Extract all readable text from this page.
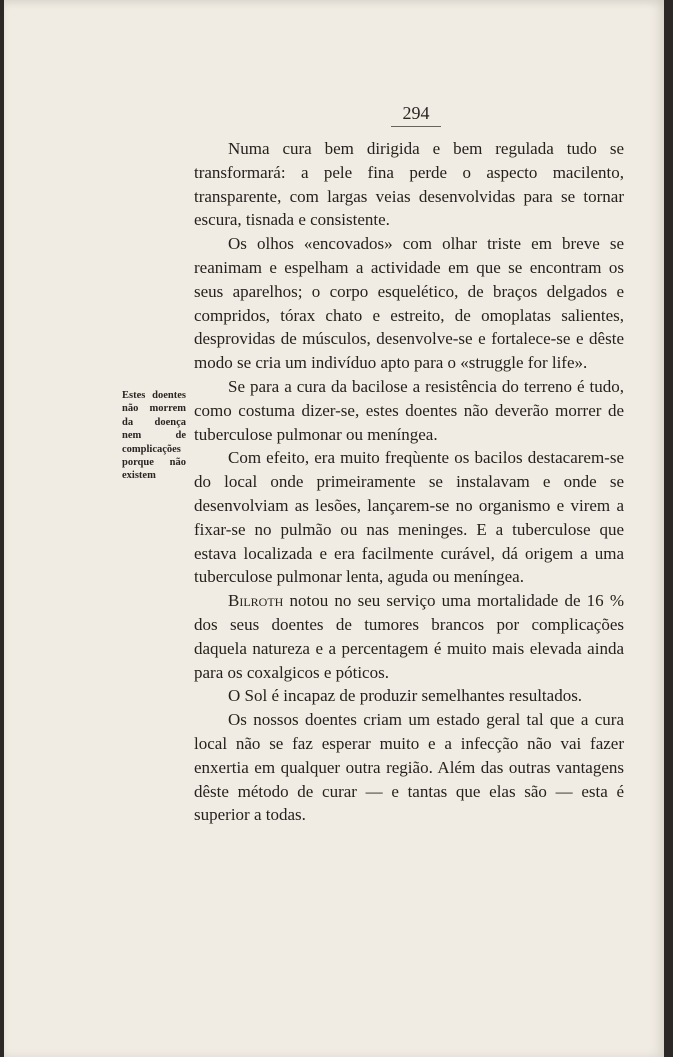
294
Estes doentes não morrem da doença nem de complicações porque não existem

Numa cura bem dirigida e bem regulada tudo se transformará: a pele fina perde o aspecto macilento, transparente, com largas veias desenvolvidas para se tornar escura, tisnada e consistente.

Os olhos «encovados» com olhar triste em breve se reanimam e espelham a actividade em que se encontram os seus aparelhos; o corpo esquelético, de braços delgados e compridos, tórax chato e estreito, de omoplatas salientes, desprovidas de músculos, desenvolve-se e fortalece-se e dêste modo se cria um indivíduo apto para o «struggle for life».

Se para a cura da bacilose a resistência do terreno é tudo, como costuma dizer-se, estes doentes não deverão morrer de tuberculose pulmonar ou meníngea.

Com efeito, era muito freqùente os bacilos destacarem-se do local onde primeiramente se instalavam e onde se desenvolviam as lesões, lançarem-se no organismo e virem a fixar-se no pulmão ou nas meninges. E a tuberculose que estava localizada e era facilmente curável, dá origem a uma tuberculose pulmonar lenta, aguda ou meníngea.

Bilroth notou no seu serviço uma mortalidade de 16 % dos seus doentes de tumores brancos por complicações daquela natureza e a percentagem é muito mais elevada ainda para os coxalgicos e póticos.

O Sol é incapaz de produzir semelhantes resultados.

Os nossos doentes criam um estado geral tal que a cura local não se faz esperar muito e a infecção não vai fazer enxertia em qualquer outra região. Além das outras vantagens dêste método de curar — e tantas que elas são — esta é superior a todas.
